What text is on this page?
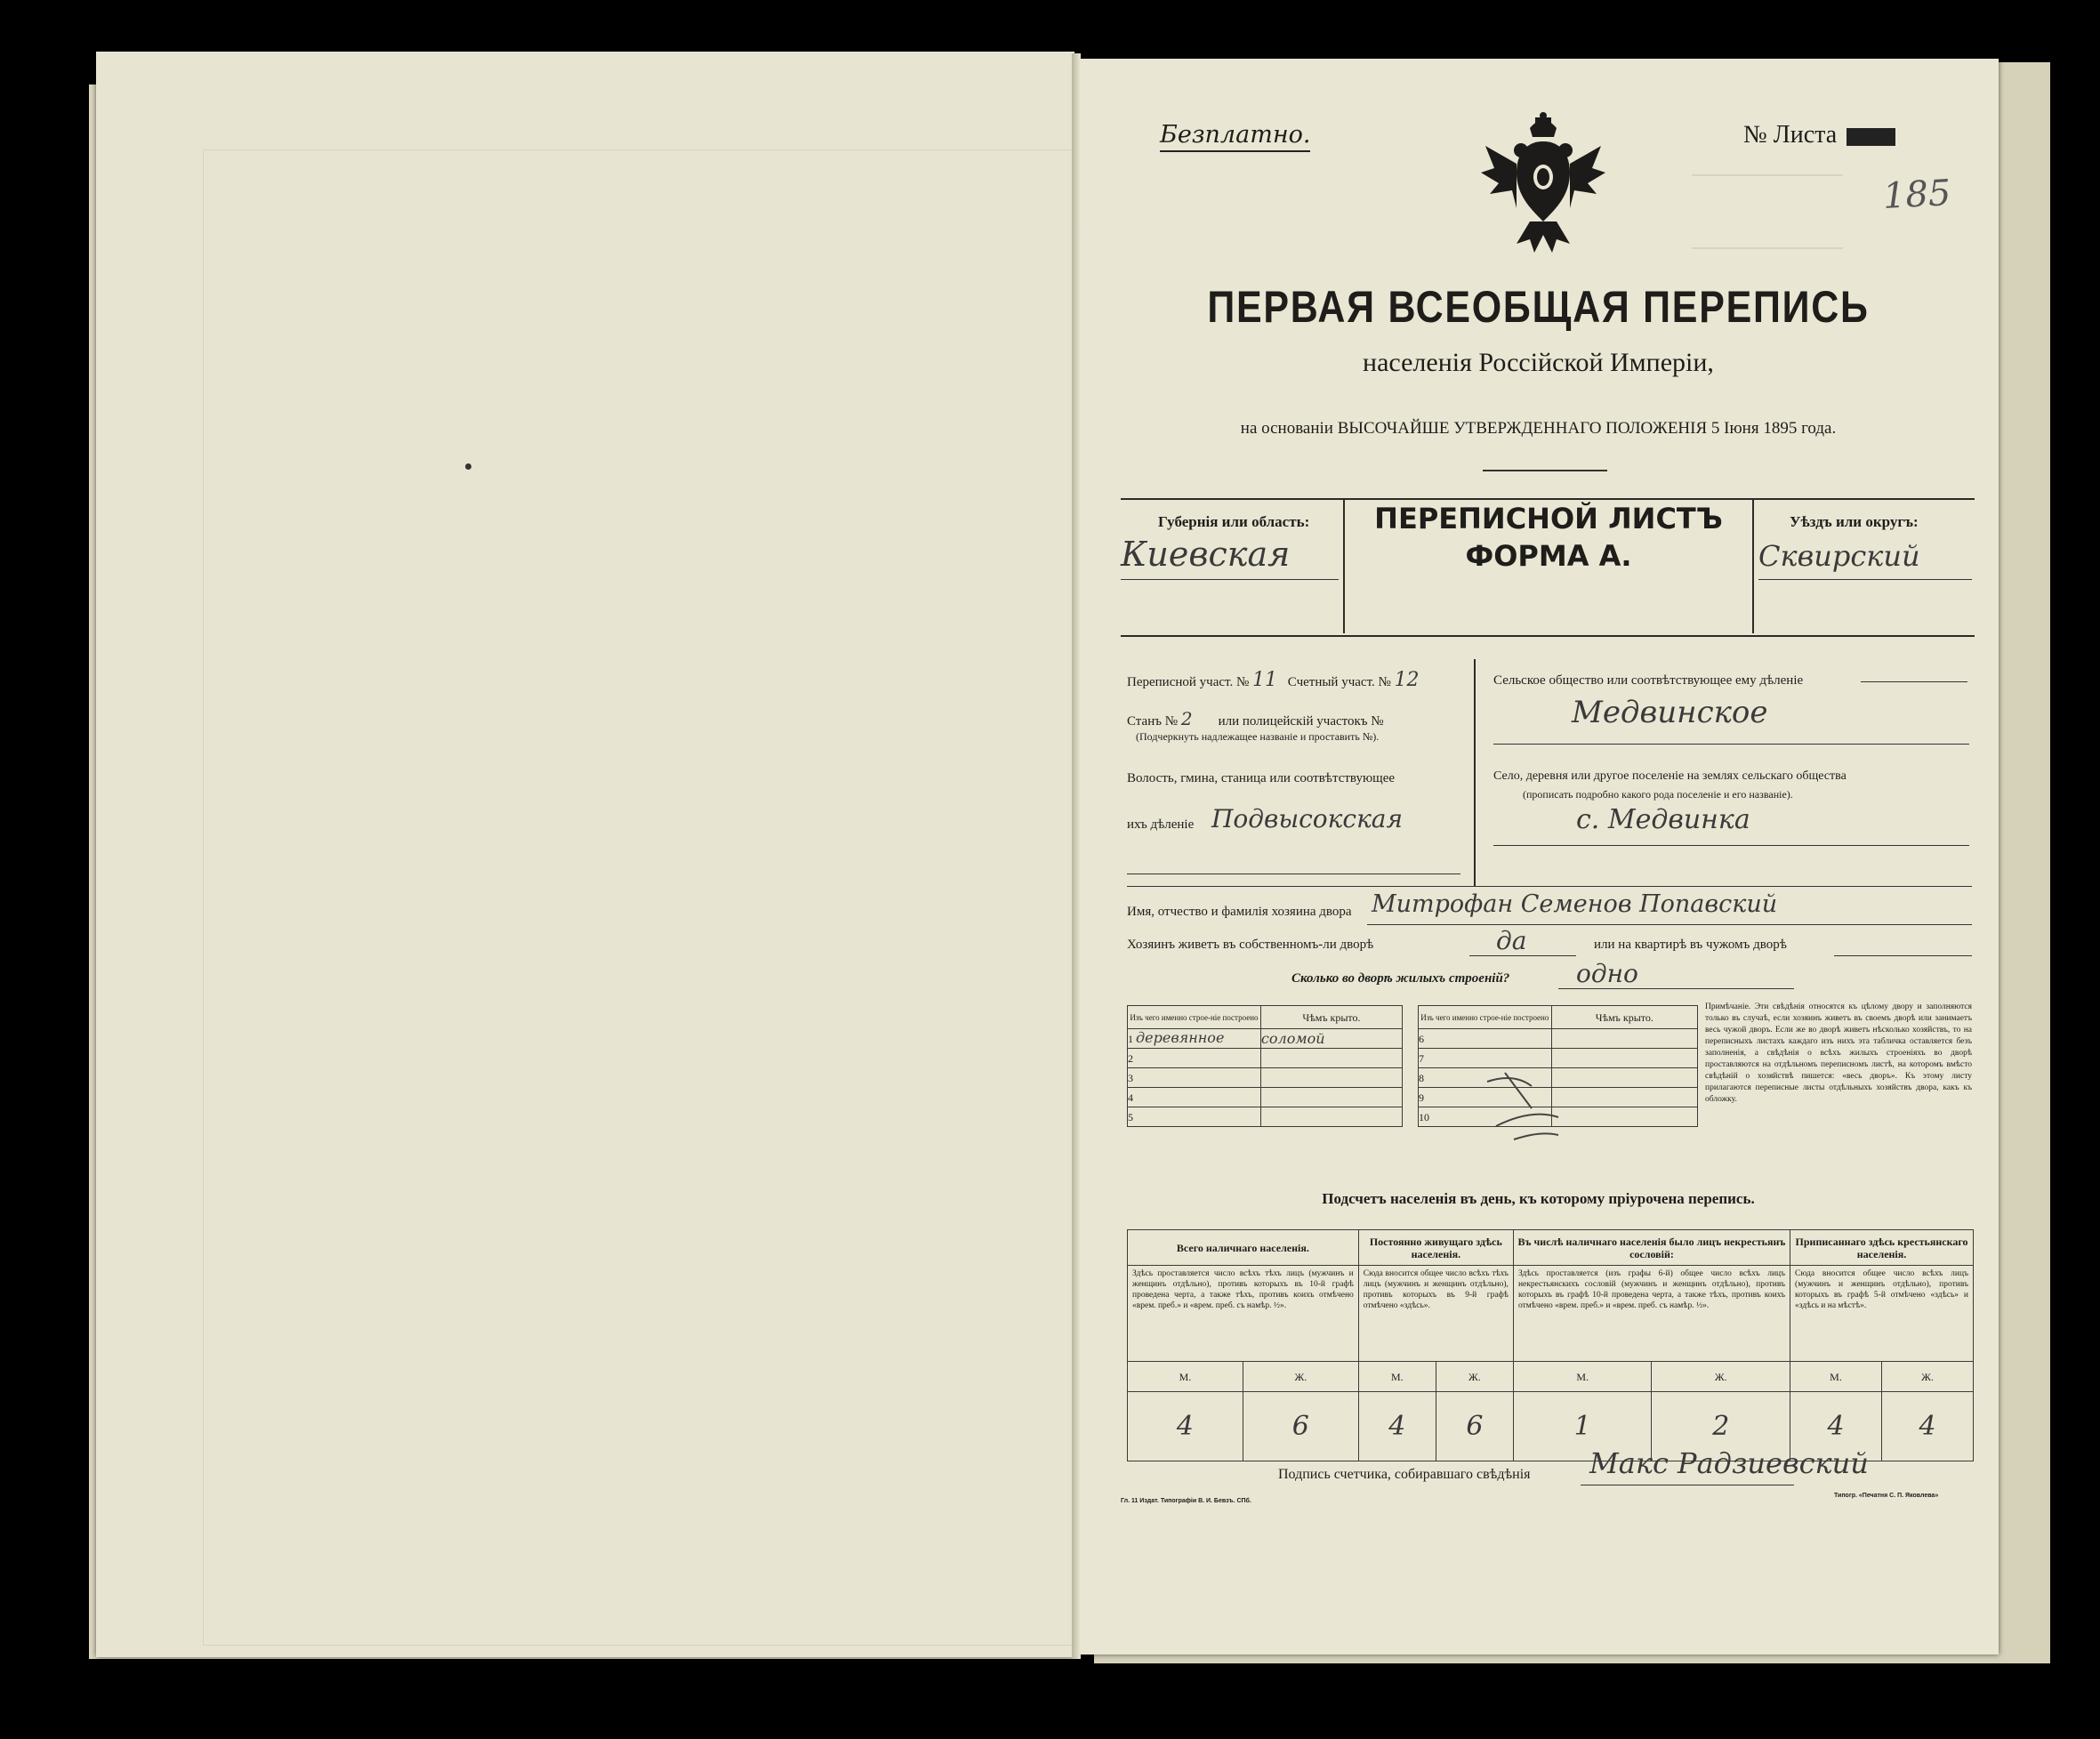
Безплатно.	№ Листа
185
ПЕРВАЯ ВСЕОБЩАЯ ПЕРЕПИСЬ
населенія Россійской Имперіи,
на основаніи ВЫСОЧАЙШЕ УТВЕРЖДЕННАГО ПОЛОЖЕНІЯ 5 Іюня 1895 года.
Губернія или область:
Киевская
ПЕРЕПИСНОЙ ЛИСТЪ
ФОРМА А.
Уѣздъ или округъ:
Сквирский
Переписной участ. № 11 Счетный участ. № 12
Станъ № 2 или полицейскій участокъ №
(Подчеркнуть надлежащее названіе и проставить №).
Волость, гмина, станица или соотвѣтствующее
ихъ дѣленіе Подвысокская
Сельское общество или соотвѣтствующее ему дѣленіе
Медвинское
Село, деревня или другое поселеніе на землях сельскаго общества
(прописать подробно какого рода поселеніе и его названіе).
с. Медвинка
Имя, отчество и фамилія хозяина двора Митрофан Семенов Попавский
Хозяинъ живетъ въ собственномъ-ли дворѣ	да	или на квартирѣ въ чужомъ дворѣ
Сколько во дворѣ жилыхъ строеній?	одно
Изъ чего именно строе-ніе построено	Чѣмъ крыто.
1 деревянное	соломой
2	
3	
4	
5	
Изъ чего именно строе-ніе построено	Чѣмъ крыто.
6	
7	
8	
9	
10	
Примѣчаніе. Эти свѣдѣнія относятся къ цѣлому двору и заполняются только въ случаѣ, если хозяинъ живетъ въ своемъ дворѣ или занимаетъ весь чужой дворъ. Если же во дворѣ живетъ нѣсколько хозяйствъ, то на переписныхъ листахъ каждаго изъ нихъ эта табличка оставляется безъ заполненія, а свѣдѣнія о всѣхъ жилыхъ строеніяхъ во дворѣ проставляются на отдѣльномъ переписномъ листѣ, на которомъ вмѣсто свѣдѣній о хозяйствѣ пишется: «весь дворъ». Къ этому листу прилагаются переписные листы отдѣльныхъ хозяйствъ двора, какъ къ обложку.
Подсчетъ населенія въ день, къ которому пріурочена перепись.
Всего наличнаго населенія.		Постоянно живущаго здѣсь населенія.		Въ числѣ наличнаго населенія было лицъ некрестьянъ сословій:		Приписаннаго здѣсь крестьянскаго населенія.	
Здѣсь проставляется число всѣхъ тѣхъ лицъ (мужчинъ и женщинъ отдѣльно), противъ которыхъ въ 10-й графѣ проведена черта, а также тѣхъ, противъ коихъ отмѣчено «врем. преб.» и «врем. преб. съ намѣр. ½».		Сюда вносится общее число всѣхъ тѣхъ лицъ (мужчинъ и женщинъ отдѣльно), противъ которыхъ въ 9-й графѣ отмѣчено «здѣсь».		Здѣсь проставляется (изъ графы 6-й) общее число всѣхъ лицъ некрестьянскихъ сословій (мужчинъ и женщинъ отдѣльно), противъ которыхъ въ графѣ 10-й проведена черта, а также тѣхъ, противъ коихъ отмѣчено «врем. преб.» и «врем. преб. съ намѣр. ½».		Сюда вносится общее число всѣхъ лицъ (мужчинъ и женщинъ отдѣльно), противъ которыхъ въ графѣ 5-й отмѣчено «здѣсь» и «здѣсь и на мѣстѣ».	
М.	Ж.	М.	Ж.	М.	Ж.	М.	Ж.
4	6	4	6	1	2	4	4
Подпись счетчика, собиравшаго свѣдѣнія Макс Радзиевский
Гл. 11 Издат. Типографiи В. И. Бевзъ. СПб.
Типогр. «Печатня С. П. Яковлева»
